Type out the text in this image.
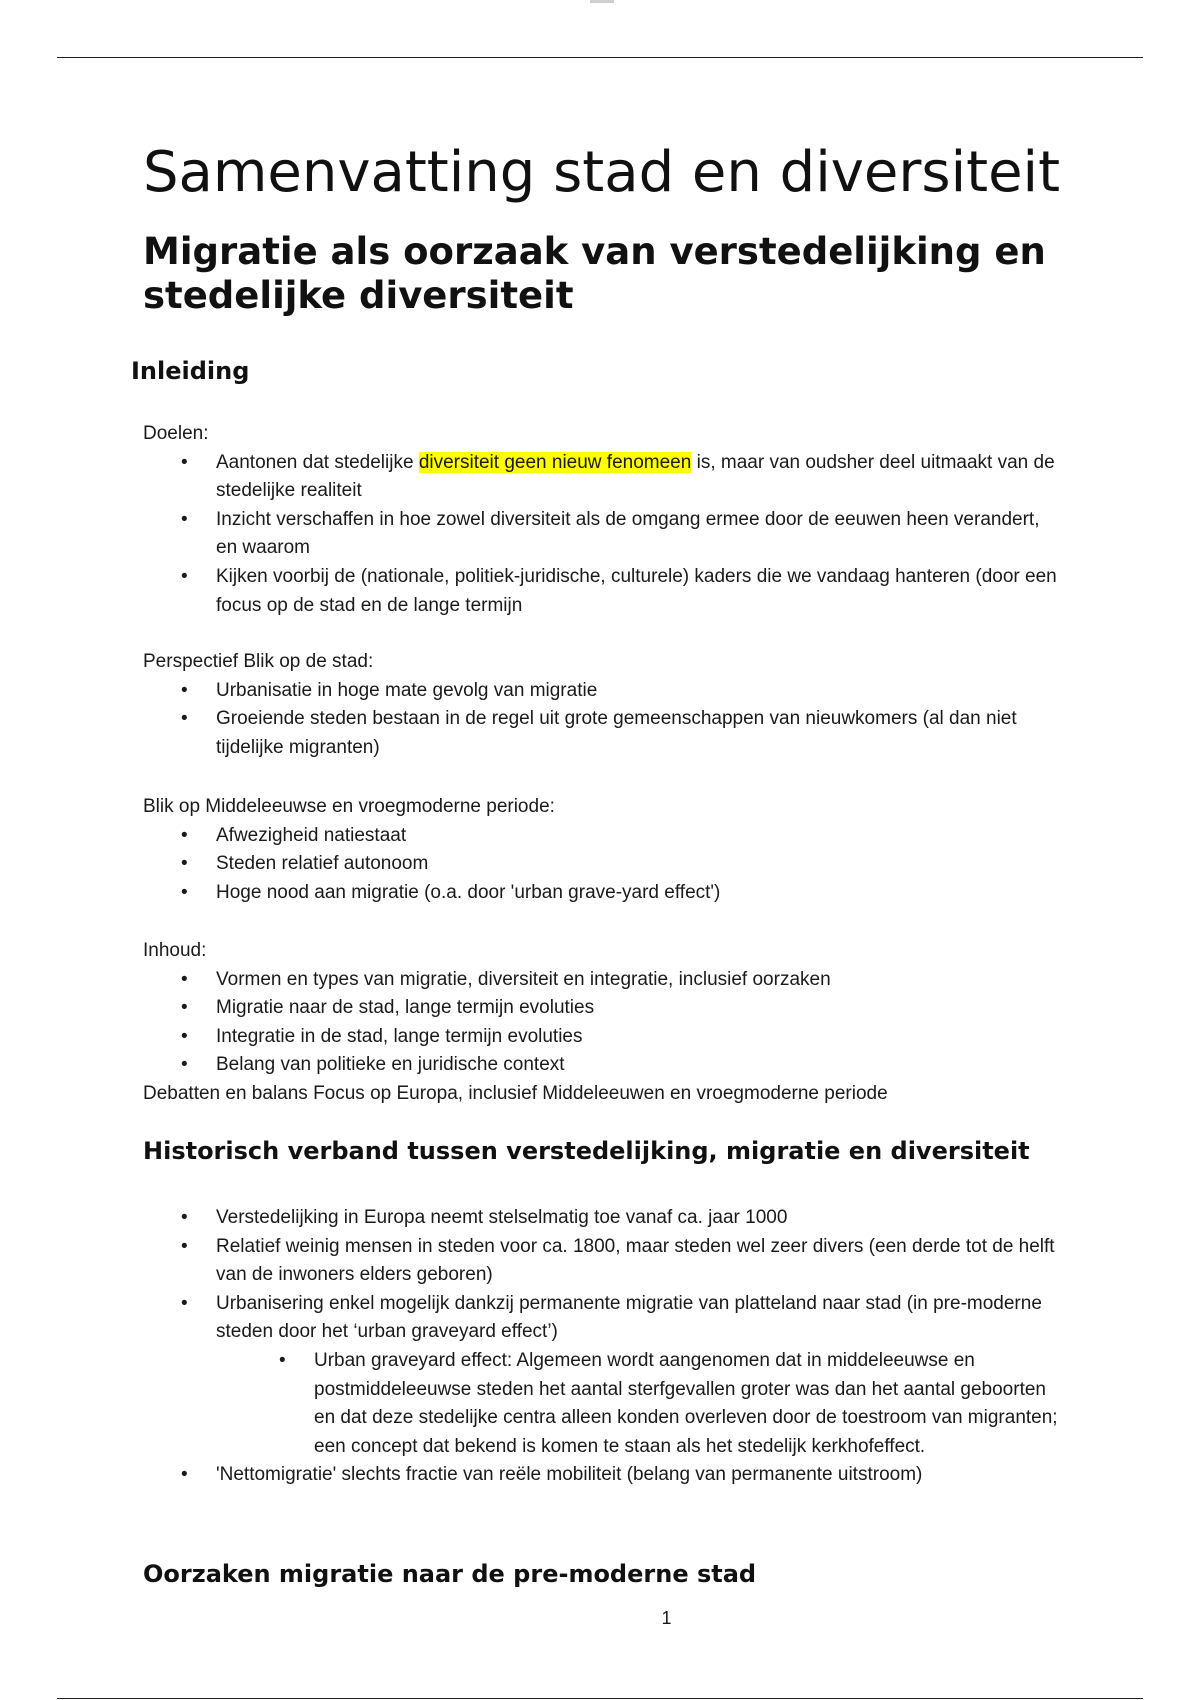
Samenvatting stad en diversiteit
Migratie als oorzaak van verstedelijking en stedelijke diversiteit
Inleiding

Doelen:

• Aantonen dat stedelijke diversiteit geen nieuw fenomeen is, maar van oudsher deel uitmaakt van de stedelijke realiteit
• Inzicht verschaffen in hoe zowel diversiteit als de omgang ermee door de eeuwen heen verandert, en waarom
• Kijken voorbij de (nationale, politiek-juridische, culturele) kaders die we vandaag hanteren (door een focus op de stad en de lange termijn

Perspectief Blik op de stad:

• Urbanisatie in hoge mate gevolg van migratie
• Groeiende steden bestaan in de regel uit grote gemeenschappen van nieuwkomers (al dan niet tijdelijke migranten)

Blik op Middeleeuwse en vroegmoderne periode:

• Afwezigheid natiestaat
• Steden relatief autonoom
• Hoge nood aan migratie (o.a. door 'urban grave-yard effect')

Inhoud:

• Vormen en types van migratie, diversiteit en integratie, inclusief oorzaken
• Migratie naar de stad, lange termijn evoluties
• Integratie in de stad, lange termijn evoluties
• Belang van politieke en juridische context

Debatten en balans Focus op Europa, inclusief Middeleeuwen en vroegmoderne periode

Historisch verband tussen verstedelijking, migratie en diversiteit
• Verstedelijking in Europa neemt stelselmatig toe vanaf ca. jaar 1000
• Relatief weinig mensen in steden voor ca. 1800, maar steden wel zeer divers (een derde tot de helft van de inwoners elders geboren)
• Urbanisering enkel mogelijk dankzij permanente migratie van platteland naar stad (in pre-moderne steden door het ‘urban graveyard effect’)
• Urban graveyard effect: Algemeen wordt aangenomen dat in middeleeuwse en postmiddeleeuwse steden het aantal sterfgevallen groter was dan het aantal geboorten en dat deze stedelijke centra alleen konden overleven door de toestroom van migranten; een concept dat bekend is komen te staan als het stedelijk kerkhofeffect.
• 'Nettomigratie' slechts fractie van reële mobiliteit (belang van permanente uitstroom)
Oorzaken migratie naar de pre-moderne stad
1
